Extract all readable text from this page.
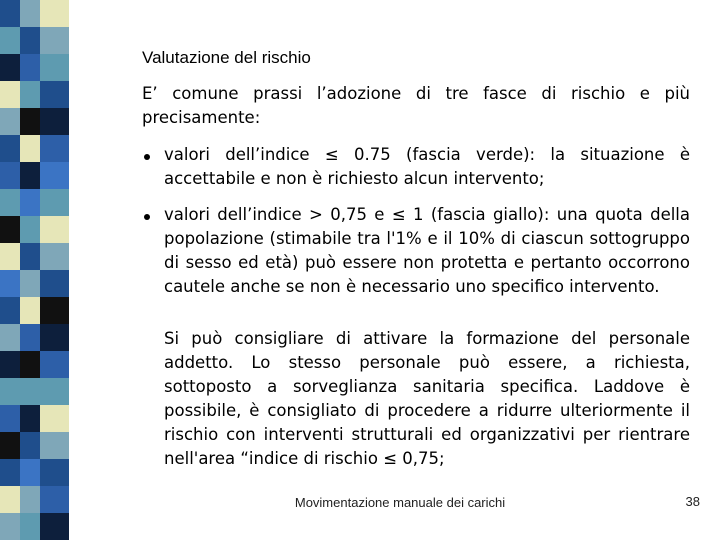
Valutazione del rischio

E’ comune prassi l’adozione di tre fasce di rischio e più precisamente:

valori dell’indice ≤ 0.75 (fascia verde): la situazione è accettabile e non è richiesto alcun intervento;

valori dell’indice > 0,75 e ≤ 1 (fascia giallo): una quota della popolazione (stimabile tra l'1% e il 10% di ciascun sottogruppo di sesso ed età) può essere non protetta e pertanto occorrono cautele anche se non è necessario uno specifico intervento.

Si può consigliare di attivare la formazione del personale addetto. Lo stesso personale può essere, a richiesta, sottoposto a sorveglianza sanitaria specifica. Laddove è possibile, è consigliato di procedere a ridurre ulteriormente il rischio con interventi strutturali ed organizzativi per rientrare nell'area “indice di rischio ≤ 0,75;

Movimentazione manuale dei carichi	38
